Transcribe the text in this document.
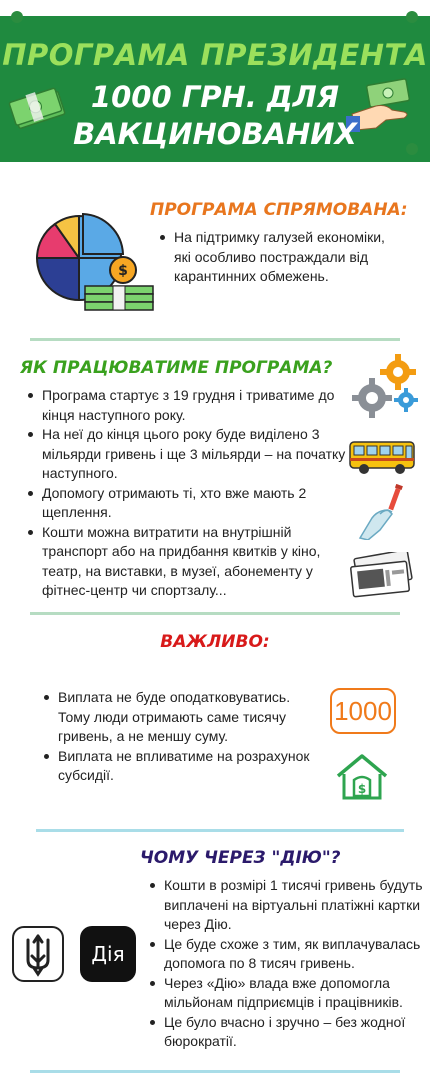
ПРОГРАМА ПРЕЗИДЕНТА
1000 ГРН. ДЛЯ
ВАКЦИНОВАНИХ
$
ПРОГРАМА СПРЯМОВАНА:
На підтримку галузей економіки, які особливо постраждали від карантинних обмежень.
ЯК ПРАЦЮВАТИМЕ ПРОГРАМА?
Програма стартує з 19 грудня і триватиме до кінця наступного року.
На неї до кінця цього року буде виділено 3 мільярди гривень і ще 3 мільярди – на початку наступного.
Допомогу отримають ті, хто вже мають 2 щеплення.
Кошти можна витратити на внутрішній транспорт або на придбання квитків у кіно, театр, на виставки, в музеї, абонементу у фітнес-центр чи спортзалу...
ВАЖЛИВО:
Виплата не буде оподатковуватись. Тому люди отримають саме тисячу гривень, а не меншу суму.
Виплата не впливатиме на розрахунок субсидії.
1000
$
ЧОМУ ЧЕРЕЗ "ДІЮ"?
Дія
Кошти в розмірі 1 тисячі гривень будуть виплачені на віртуальні платіжні картки через Дію.
Це буде схоже з тим, як виплачувалась допомога по 8 тисяч гривень.
Через «Дію» влада вже допомогла мільйонам підприємців і працівників.
Це було вчасно і зручно – без жодної бюрократії.
